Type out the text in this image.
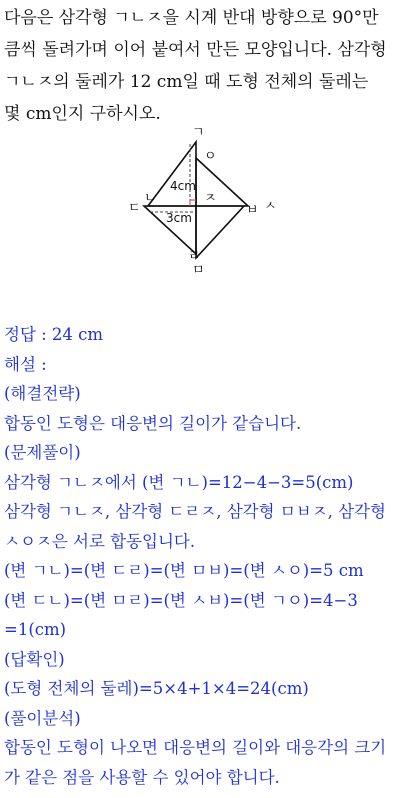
다음은 삼각형 ㄱㄴㅈ을 시계 반대 방향으로 90°만

큼씩 돌려가며 이어 붙여서 만든 모양입니다. 삼각형

ㄱㄴㅈ의 둘레가 12 cm일 때 도형 전체의 둘레는

몇 cm인지 구하시오.

4cm
3cm
ㄱ
ㅇ
ㄴ	ㅈ
ㄷ	ㅂ ㅅ
ㄹ
ㅁ

정답 : 24 cm

해설 :

(해결전략)

합동인 도형은 대응변의 길이가 같습니다.

(문제풀이)

삼각형 ㄱㄴㅈ에서 (변 ㄱㄴ)=12−4−3=5(cm)

삼각형 ㄱㄴㅈ, 삼각형 ㄷㄹㅈ, 삼각형 ㅁㅂㅈ, 삼각형

ㅅㅇㅈ은 서로 합동입니다.

(변 ㄱㄴ)=(변 ㄷㄹ)=(변 ㅁㅂ)=(변 ㅅㅇ)=5 cm

(변 ㄷㄴ)=(변 ㅁㄹ)=(변 ㅅㅂ)=(변 ㄱㅇ)=4−3

=1(cm)

(답확인)

(도형 전체의 둘레)=5×4+1×4=24(cm)

(풀이분석)

합동인 도형이 나오면 대응변의 길이와 대응각의 크기

가 같은 점을 사용할 수 있어야 합니다.
